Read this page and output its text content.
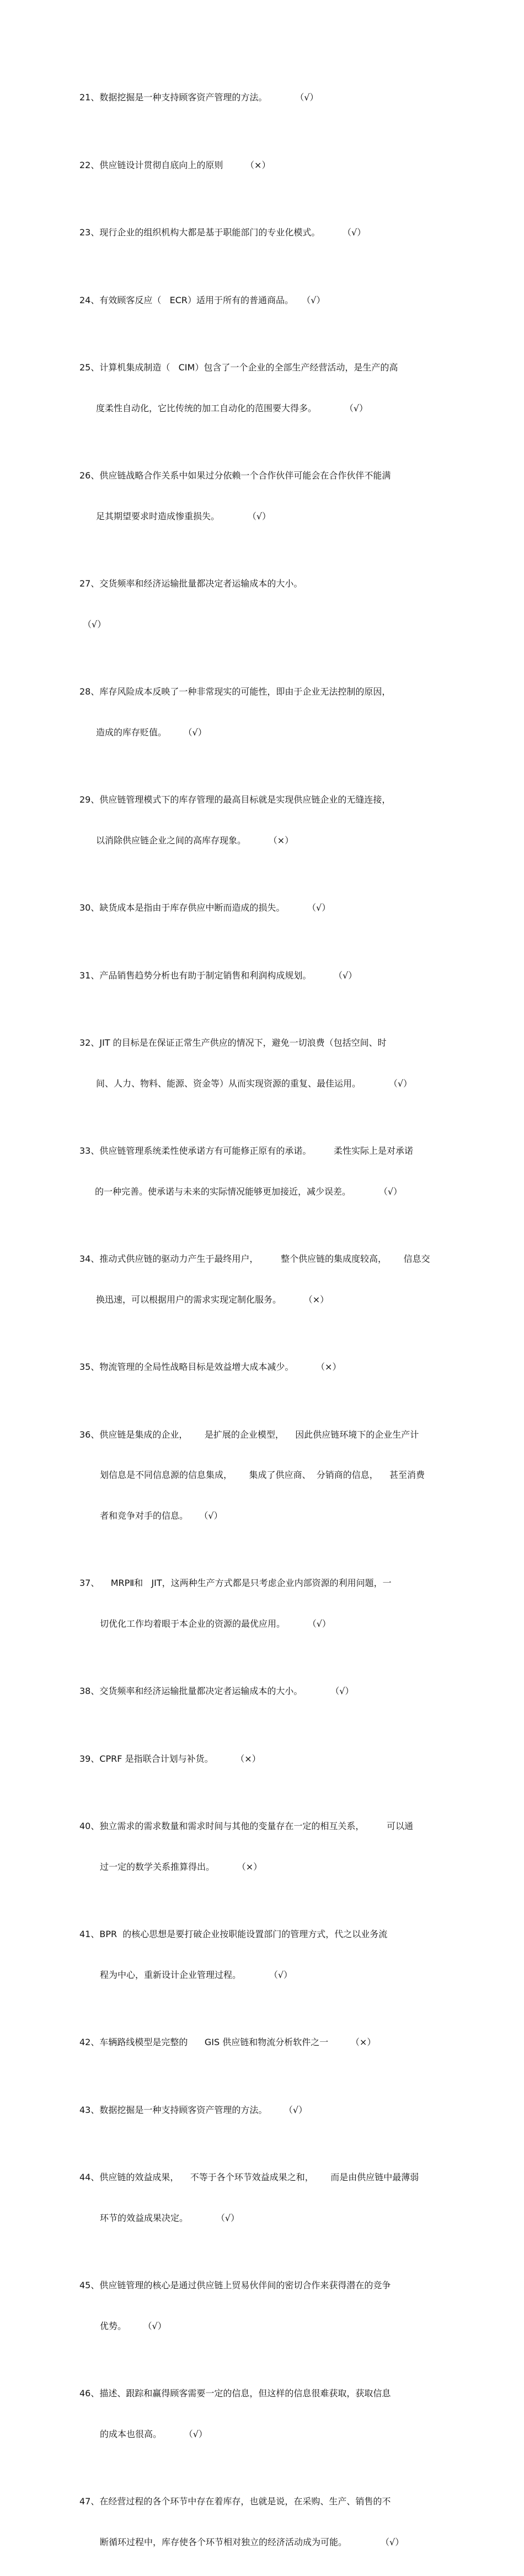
21、数据挖掘是一种支持顾客资产管理的方法。          （√）

22、供应链设计贯彻自底向上的原则        （×）

23、现行企业的组织机构大都是基于职能部门的专业化模式。        （√）

24、有效顾客反应（   ECR）适用于所有的普通商品。   （√）

25、计算机集成制造（   CIM）包含了一个企业的全部生产经营活动，是生产的高

度柔性自动化，它比传统的加工自动化的范围要大得多。          （√）

26、供应链战略合作关系中如果过分依赖一个合作伙伴可能会在合作伙伴不能满

足其期望要求时造成惨重损失。          （√）

27、交货频率和经济运输批量都决定者运输成本的大小。

（√）

28、库存风险成本反映了一种非常现实的可能性，即由于企业无法控制的原因，

造成的库存贬值。      （√）

29、供应链管理模式下的库存管理的最高目标就是实现供应链企业的无缝连接，

以消除供应链企业之间的高库存现象。        （×）

30、缺货成本是指由于库存供应中断而造成的损失。        （√）

31、产品销售趋势分析也有助于制定销售和利润构成规划。        （√）

32、JIT 的目标是在保证正常生产供应的情况下，避免一切浪费（包括空间、时

间、人力、物料、能源、资金等）从而实现资源的重复、最佳运用。          （√）

33、供应链管理系统柔性使承诺方有可能修正原有的承诺。        柔性实际上是对承诺

的一种完善。使承诺与未来的实际情况能够更加接近，减少误差。          （√）

34、推动式供应链的驱动力产生于最终用户，        整个供应链的集成度较高，      信息交

换迅速，可以根据用户的需求实现定制化服务。        （×）

35、物流管理的全局性战略目标是效益增大成本减少。        （×）

36、供应链是集成的企业，      是扩展的企业模型，    因此供应链环境下的企业生产计

划信息是不同信息源的信息集成，      集成了供应商、  分销商的信息，    甚至消费

者和竞争对手的信息。    （√）

37、    MRPⅡ和   JIT，这两种生产方式都是只考虑企业内部资源的利用问题，一

切优化工作均着眼于本企业的资源的最优应用。        （√）

38、交货频率和经济运输批量都决定者运输成本的大小。          （√）

39、CPRF 是指联合计划与补货。        （×）

40、独立需求的需求数量和需求时间与其他的变量存在一定的相互关系，        可以通

过一定的数学关系推算得出。        （×）

41、BPR  的核心思想是要打破企业按职能设置部门的管理方式，代之以业务流

程为中心，重新设计企业管理过程。          （√）

42、车辆路线模型是完整的      GIS 供应链和物流分析软件之一        （×）

43、数据挖掘是一种支持顾客资产管理的方法。      （√）

44、供应链的效益成果，    不等于各个环节效益成果之和，      而是由供应链中最薄弱

环节的效益成果决定。          （√）

45、供应链管理的核心是通过供应链上贸易伙伴间的密切合作来获得潜在的竞争

优势。      （√）

46、描述、跟踪和赢得顾客需要一定的信息，但这样的信息很难获取，获取信息

的成本也很高。        （√）

47、在经营过程的各个环节中存在着库存，也就是说，在采购、生产、销售的不

断循环过程中，库存使各个环节相对独立的经济活动成为可能。            （√）
